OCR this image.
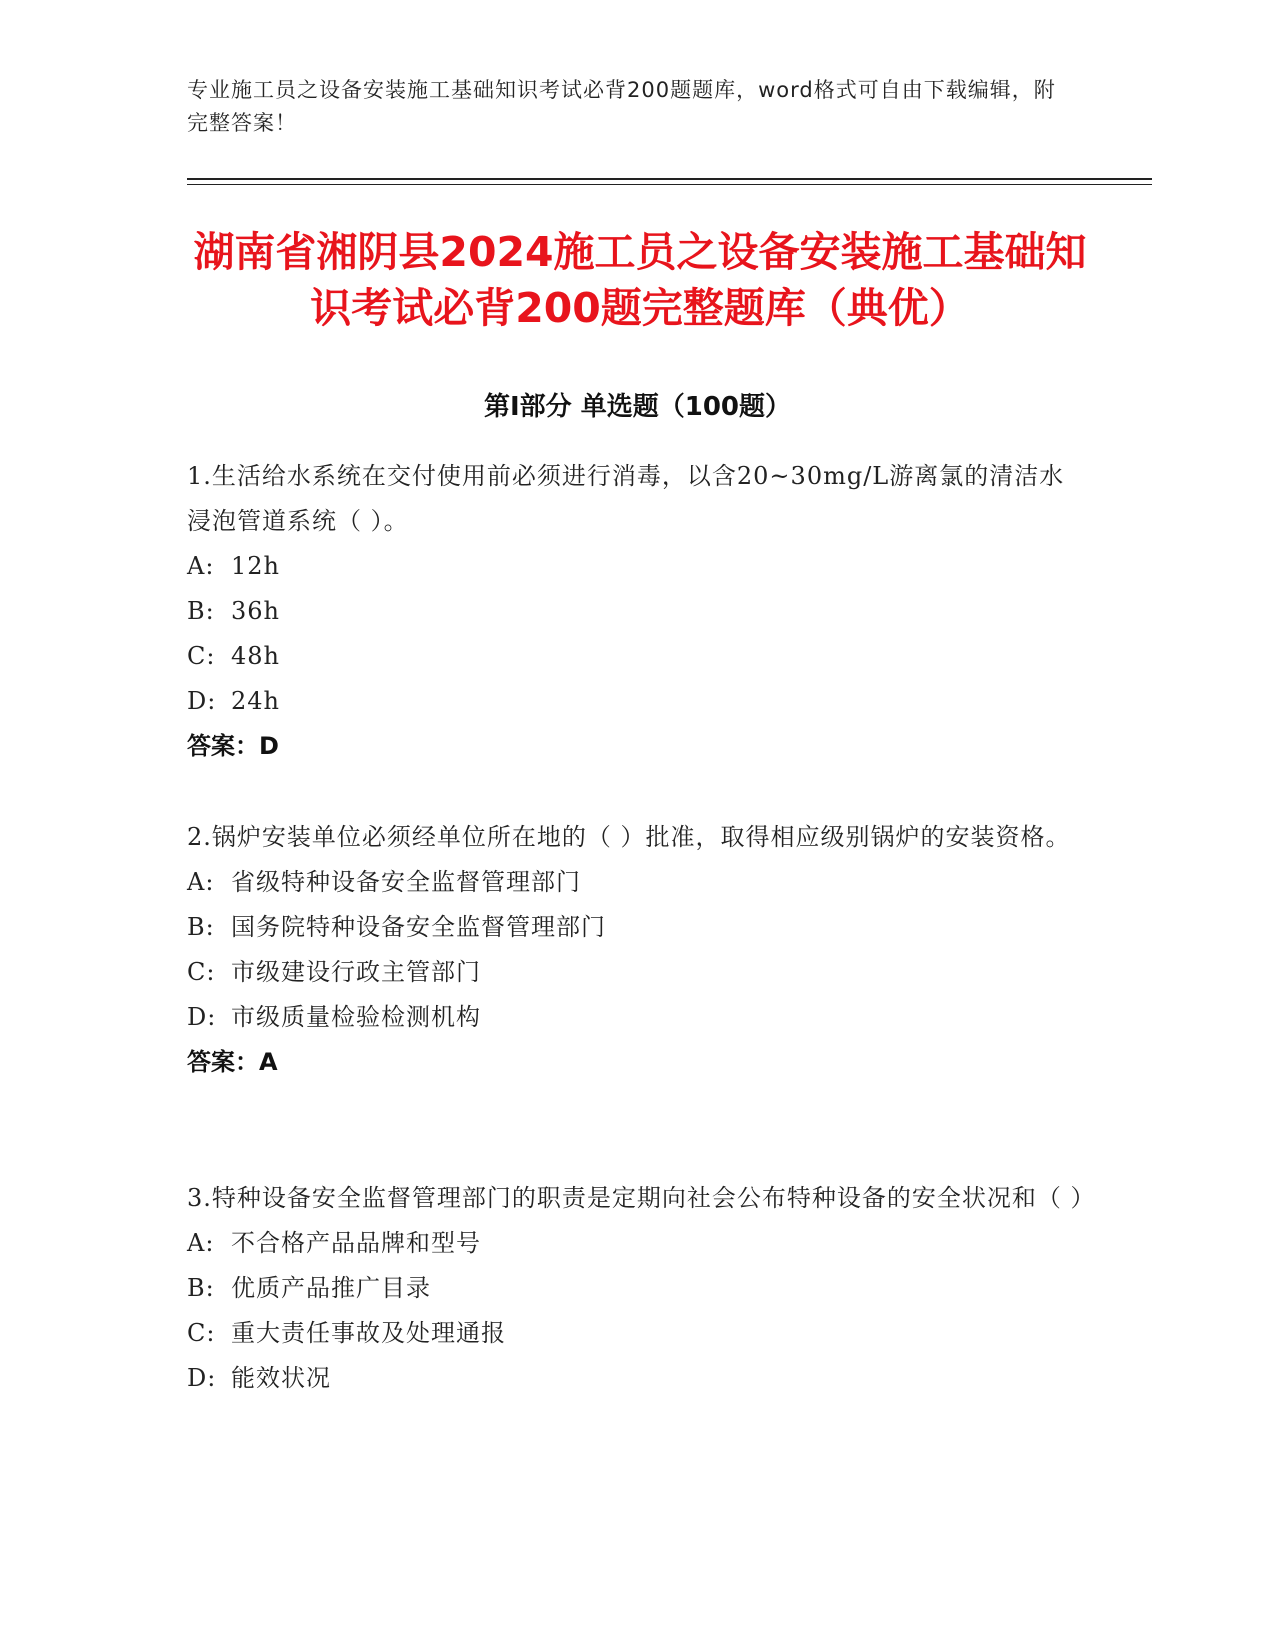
专业施工员之设备安装施工基础知识考试必背200题题库，word格式可自由下载编辑，附完整答案！
湖南省湘阴县2024施工员之设备安装施工基础知识考试必背200题完整题库（典优）
第Ⅰ部分 单选题（100题）
1.生活给水系统在交付使用前必须进行消毒，以含20~30mg/L游离氯的清洁水浸泡管道系统（ ）。
A: 12h
B: 36h
C: 48h
D: 24h
答案：D
2.锅炉安装单位必须经单位所在地的（ ）批准，取得相应级别锅炉的安装资格。
A: 省级特种设备安全监督管理部门
B: 国务院特种设备安全监督管理部门
C: 市级建设行政主管部门
D: 市级质量检验检测机构
答案：A
3.特种设备安全监督管理部门的职责是定期向社会公布特种设备的安全状况和（ ）
A: 不合格产品品牌和型号
B: 优质产品推广目录
C: 重大责任事故及处理通报
D: 能效状况
